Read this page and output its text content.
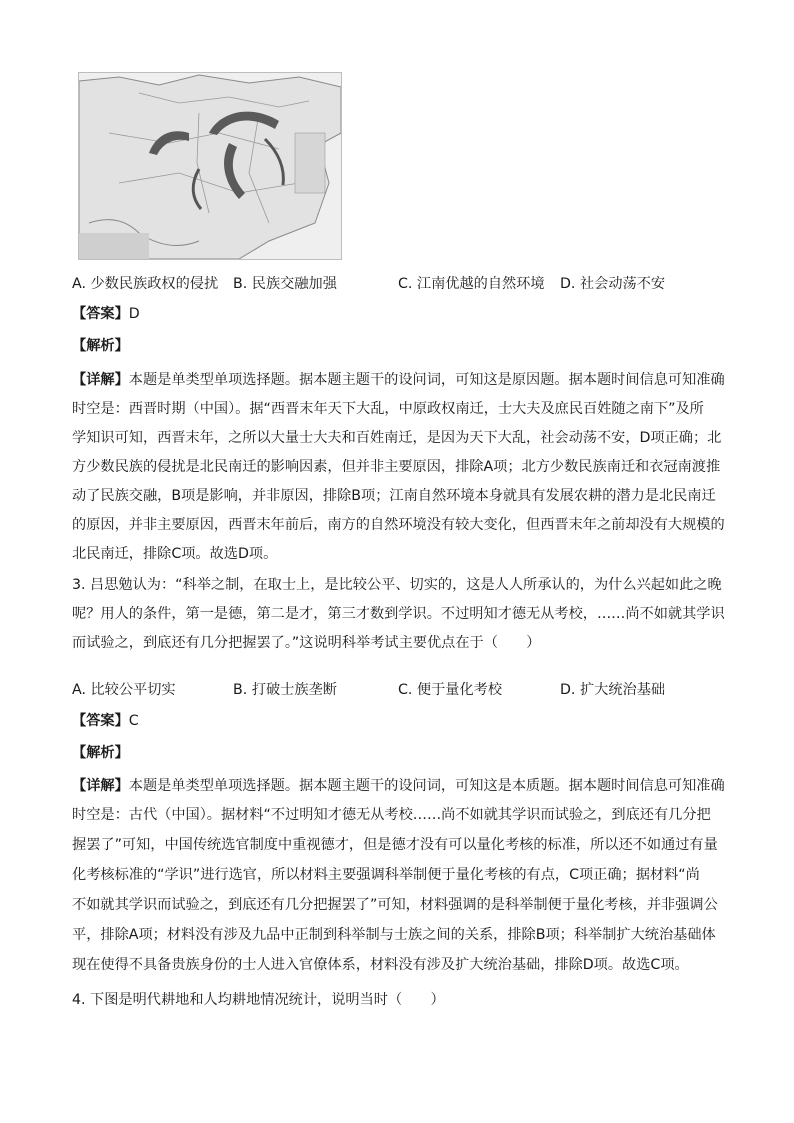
A. 少数民族政权的侵扰 B. 民族交融加强	C. 江南优越的自然环境 D. 社会动荡不安
【答案】D
【解析】
【详解】本题是单类型单项选择题。据本题主题干的设问词，可知这是原因题。据本题时间信息可知准确
时空是：西晋时期（中国）。据“西晋末年天下大乱，中原政权南迁，士大夫及庶民百姓随之南下”及所
学知识可知，西晋末年，之所以大量士大夫和百姓南迁，是因为天下大乱，社会动荡不安，D项正确；北
方少数民族的侵扰是北民南迁的影响因素，但并非主要原因，排除A项；北方少数民族南迁和衣冠南渡推
动了民族交融，B项是影响，并非原因，排除B项；江南自然环境本身就具有发展农耕的潜力是北民南迁
的原因，并非主要原因，西晋末年前后，南方的自然环境没有较大变化，但西晋末年之前却没有大规模的
北民南迁，排除C项。故选D项。
3. 吕思勉认为：“科举之制，在取士上，是比较公平、切实的，这是人人所承认的，为什么兴起如此之晚
呢？用人的条件，第一是德，第二是才，第三才数到学识。不过明知才德无从考校，……尚不如就其学识
而试验之，到底还有几分把握罢了。”这说明科举考试主要优点在于（　　）
A. 比较公平切实	B. 打破士族垄断	C. 便于量化考校	D. 扩大统治基础
【答案】C
【解析】
【详解】本题是单类型单项选择题。据本题主题干的设问词，可知这是本质题。据本题时间信息可知准确
时空是：古代（中国）。据材料“不过明知才德无从考校……尚不如就其学识而试验之，到底还有几分把
握罢了”可知，中国传统选官制度中重视德才，但是德才没有可以量化考核的标准，所以还不如通过有量
化考核标准的“学识”进行选官，所以材料主要强调科举制便于量化考核的有点，C项正确；据材料“尚
不如就其学识而试验之，到底还有几分把握罢了”可知，材料强调的是科举制便于量化考核，并非强调公
平，排除A项；材料没有涉及九品中正制到科举制与士族之间的关系，排除B项；科举制扩大统治基础体
现在使得不具备贵族身份的士人进入官僚体系，材料没有涉及扩大统治基础，排除D项。故选C项。
4. 下图是明代耕地和人均耕地情况统计，说明当时（　　）
